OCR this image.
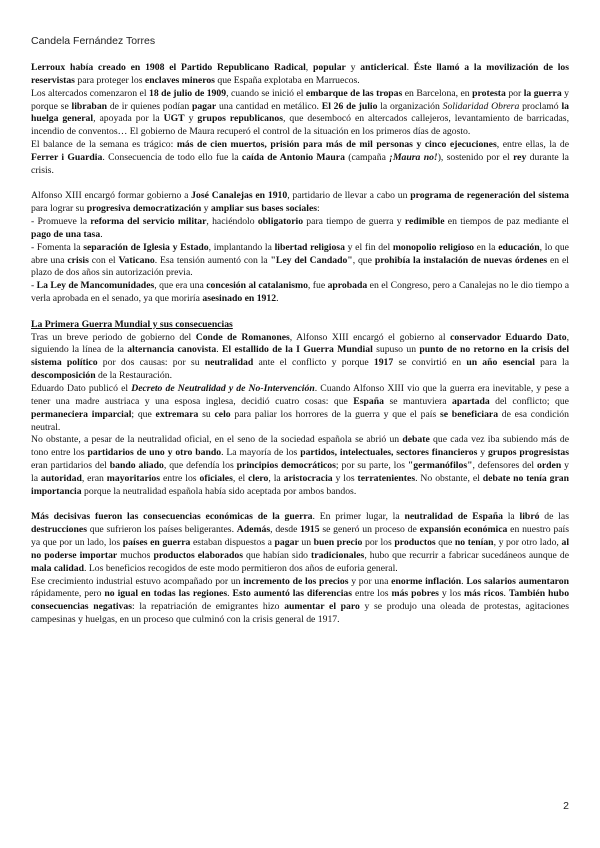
Candela Fernández Torres

Lerroux había creado en 1908 el Partido Republicano Radical, popular y anticlerical. Éste llamó a la movilización de los reservistas para proteger los enclaves mineros que España explotaba en Marruecos.

Los altercados comenzaron el 18 de julio de 1909, cuando se inició el embarque de las tropas en Barcelona, en protesta por la guerra y porque se libraban de ir quienes podían pagar una cantidad en metálico. El 26 de julio la organización Solidaridad Obrera proclamó la huelga general, apoyada por la UGT y grupos republicanos, que desembocó en altercados callejeros, levantamiento de barricadas, incendio de conventos… El gobierno de Maura recuperó el control de la situación en los primeros días de agosto.

El balance de la semana es trágico: más de cien muertos, prisión para más de mil personas y cinco ejecuciones, entre ellas, la de Ferrer i Guardia. Consecuencia de todo ello fue la caída de Antonio Maura (campaña ¡Maura no!), sostenido por el rey durante la crisis.

Alfonso XIII encargó formar gobierno a José Canalejas en 1910, partidario de llevar a cabo un programa de regeneración del sistema para lograr su progresiva democratización y ampliar sus bases sociales:

- Promueve la reforma del servicio militar, haciéndolo obligatorio para tiempo de guerra y redimible en tiempos de paz mediante el pago de una tasa.

- Fomenta la separación de Iglesia y Estado, implantando la libertad religiosa y el fin del monopolio religioso en la educación, lo que abre una crisis con el Vaticano. Esa tensión aumentó con la "Ley del Candado", que prohibía la instalación de nuevas órdenes en el plazo de dos años sin autorización previa.

- La Ley de Mancomunidades, que era una concesión al catalanismo, fue aprobada en el Congreso, pero a Canalejas no le dio tiempo a verla aprobada en el senado, ya que moriría asesinado en 1912.

La Primera Guerra Mundial y sus consecuencias

Tras un breve periodo de gobierno del Conde de Romanones, Alfonso XIII encargó el gobierno al conservador Eduardo Dato, siguiendo la línea de la alternancia canovista. El estallido de la I Guerra Mundial supuso un punto de no retorno en la crisis del sistema político por dos causas: por su neutralidad ante el conflicto y porque 1917 se convirtió en un año esencial para la descomposición de la Restauración.

Eduardo Dato publicó el Decreto de Neutralidad y de No-Intervención. Cuando Alfonso XIII vio que la guerra era inevitable, y pese a tener una madre austriaca y una esposa inglesa, decidió cuatro cosas: que España se mantuviera apartada del conflicto; que permaneciera imparcial; que extremara su celo para paliar los horrores de la guerra y que el país se beneficiara de esa condición neutral.

No obstante, a pesar de la neutralidad oficial, en el seno de la sociedad española se abrió un debate que cada vez iba subiendo más de tono entre los partidarios de uno y otro bando. La mayoría de los partidos, intelectuales, sectores financieros y grupos progresistas eran partidarios del bando aliado, que defendía los principios democráticos; por su parte, los "germanófilos", defensores del orden y la autoridad, eran mayoritarios entre los oficiales, el clero, la aristocracia y los terratenientes. No obstante, el debate no tenía gran importancia porque la neutralidad española había sido aceptada por ambos bandos.

Más decisivas fueron las consecuencias económicas de la guerra. En primer lugar, la neutralidad de España la libró de las destrucciones que sufrieron los países beligerantes. Además, desde 1915 se generó un proceso de expansión económica en nuestro país ya que por un lado, los países en guerra estaban dispuestos a pagar un buen precio por los productos que no tenían, y por otro lado, al no poderse importar muchos productos elaborados que habían sido tradicionales, hubo que recurrir a fabricar sucedáneos aunque de mala calidad. Los beneficios recogidos de este modo permitieron dos años de euforia general.

Ese crecimiento industrial estuvo acompañado por un incremento de los precios y por una enorme inflación. Los salarios aumentaron rápidamente, pero no igual en todas las regiones. Esto aumentó las diferencias entre los más pobres y los más ricos. También hubo consecuencias negativas: la repatriación de emigrantes hizo aumentar el paro y se produjo una oleada de protestas, agitaciones campesinas y huelgas, en un proceso que culminó con la crisis general de 1917.

2
